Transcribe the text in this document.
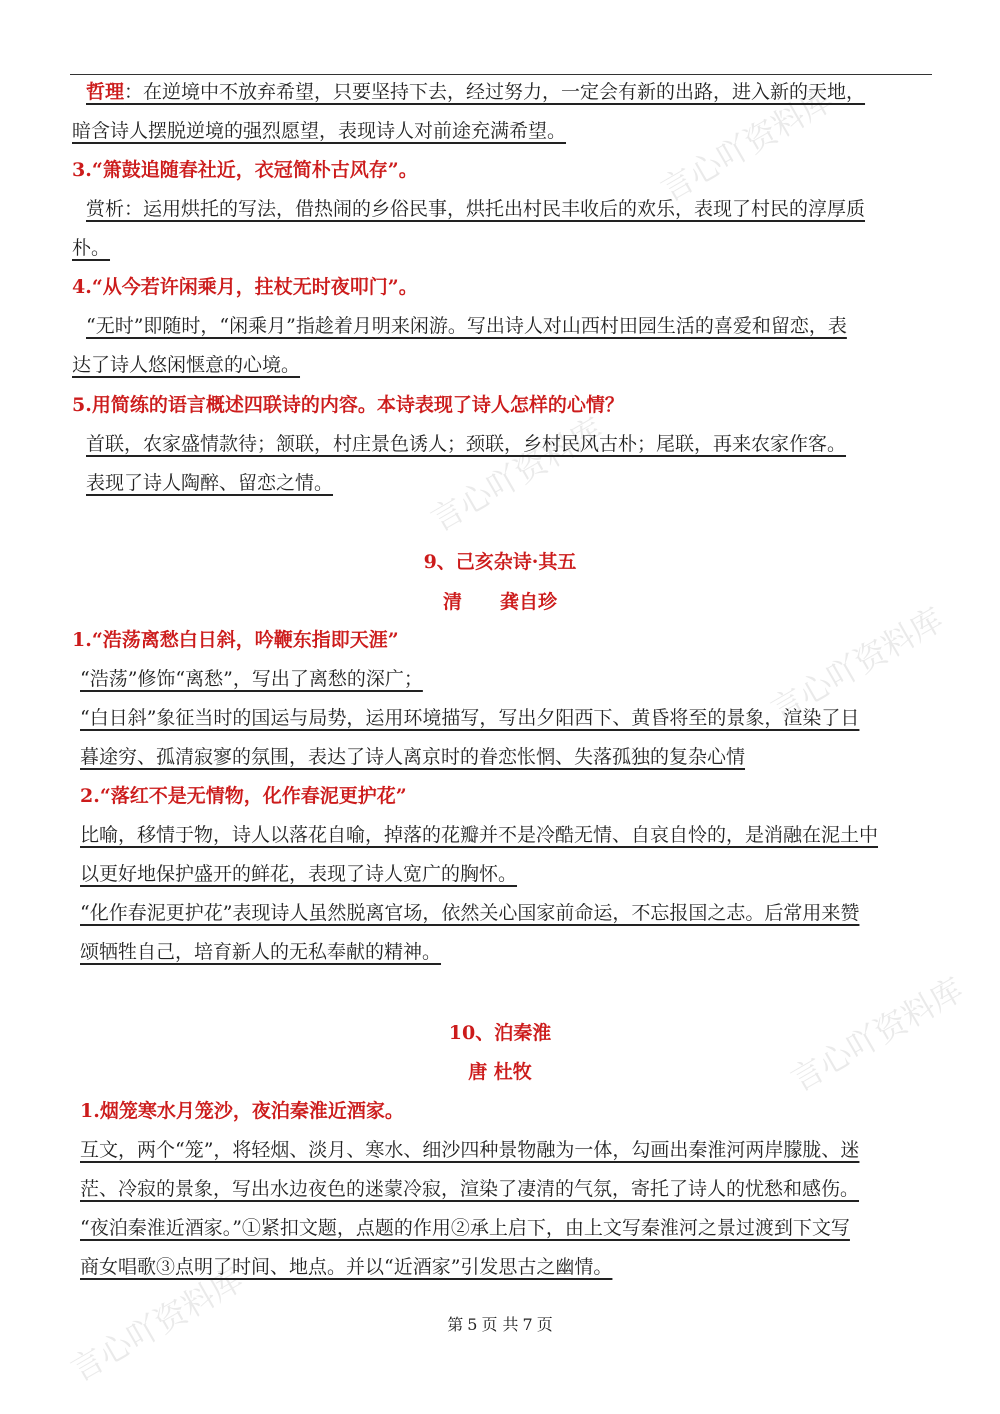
言心吖资料库
言心吖资料库
言心吖资料库
言心吖资料库
言心吖资料库
哲理：在逆境中不放弃希望，只要坚持下去，经过努力，一定会有新的出路，进入新的天地，
暗含诗人摆脱逆境的强烈愿望，表现诗人对前途充满希望。
3.“箫鼓追随春社近，衣冠简朴古风存”。
赏析：运用烘托的写法，借热闹的乡俗民事，烘托出村民丰收后的欢乐，表现了村民的淳厚质
朴。
4.“从今若许闲乘月，拄杖无时夜叩门”。
“无时”即随时，“闲乘月”指趁着月明来闲游。写出诗人对山西村田园生活的喜爱和留恋，表
达了诗人悠闲惬意的心境。
5.用简练的语言概述四联诗的内容。本诗表现了诗人怎样的心情？
首联，农家盛情款待；颔联，村庄景色诱人；颈联，乡村民风古朴；尾联，再来农家作客。
表现了诗人陶醉、留恋之情。
9、己亥杂诗·其五
清　　龚自珍
1.“浩荡离愁白日斜，吟鞭东指即天涯”
“浩荡”修饰“离愁”，写出了离愁的深广；
“白日斜”象征当时的国运与局势，运用环境描写，写出夕阳西下、黄昏将至的景象，渲染了日
暮途穷、孤清寂寥的氛围，表达了诗人离京时的眷恋怅惘、失落孤独的复杂心情
2.“落红不是无情物，化作春泥更护花”
比喻，移情于物，诗人以落花自喻，掉落的花瓣并不是冷酷无情、自哀自怜的，是消融在泥土中
以更好地保护盛开的鲜花，表现了诗人宽广的胸怀。
“化作春泥更护花”表现诗人虽然脱离官场，依然关心国家前命运，不忘报国之志。后常用来赞
颂牺牲自己，培育新人的无私奉献的精神。
10、泊秦淮
唐 杜牧
1.烟笼寒水月笼沙，夜泊秦淮近酒家。
互文，两个“笼”，将轻烟、淡月、寒水、细沙四种景物融为一体，勾画出秦淮河两岸朦胧、迷
茫、冷寂的景象，写出水边夜色的迷蒙冷寂，渲染了凄清的气氛，寄托了诗人的忧愁和感伤。
“夜泊秦淮近酒家。”①紧扣文题，点题的作用②承上启下，由上文写秦淮河之景过渡到下文写
商女唱歌③点明了时间、地点。并以“近酒家”引发思古之幽情。
第 5 页 共 7 页
